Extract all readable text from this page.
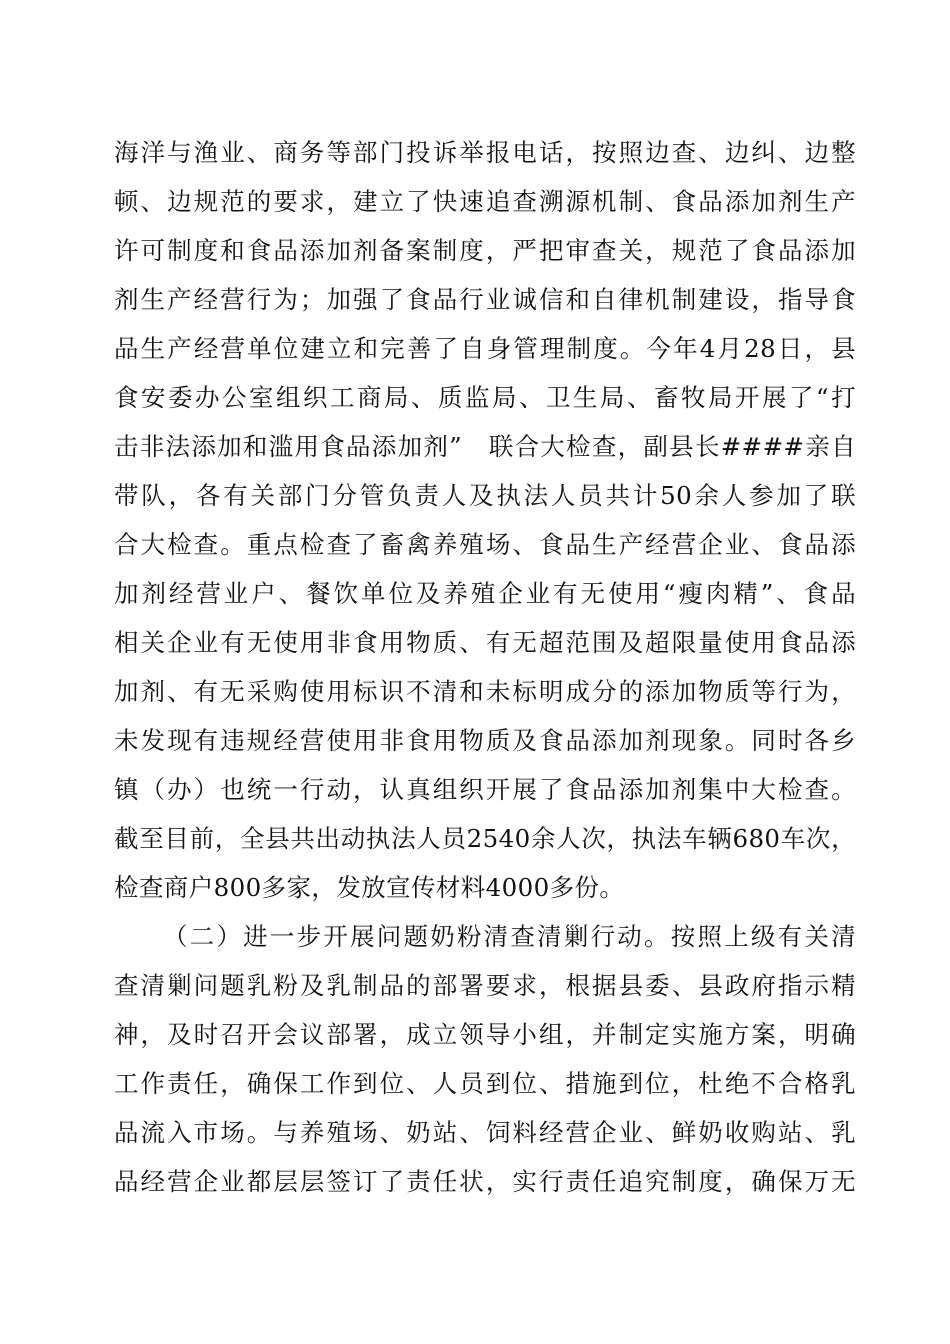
海洋与渔业、商务等部门投诉举报电话，按照边查、边纠、边整
顿、边规范的要求，建立了快速追查溯源机制、食品添加剂生产
许可制度和食品添加剂备案制度，严把审查关，规范了食品添加
剂生产经营行为；加强了食品行业诚信和自律机制建设，指导食
品生产经营单位建立和完善了自身管理制度。今年4月28日，县
食安委办公室组织工商局、质监局、卫生局、畜牧局开展了“打
击非法添加和滥用食品添加剂”　联合大检查，副县长####亲自
带队，各有关部门分管负责人及执法人员共计50余人参加了联
合大检查。重点检查了畜禽养殖场、食品生产经营企业、食品添
加剂经营业户、餐饮单位及养殖企业有无使用“瘦肉精”、食品
相关企业有无使用非食用物质、有无超范围及超限量使用食品添
加剂、有无采购使用标识不清和未标明成分的添加物质等行为，
未发现有违规经营使用非食用物质及食品添加剂现象。同时各乡
镇（办）也统一行动，认真组织开展了食品添加剂集中大检查。
截至目前，全县共出动执法人员2540余人次，执法车辆680车次，
检查商户800多家，发放宣传材料4000多份。
（二）进一步开展问题奶粉清查清剿行动。按照上级有关清
查清剿问题乳粉及乳制品的部署要求，根据县委、县政府指示精
神，及时召开会议部署，成立领导小组，并制定实施方案，明确
工作责任，确保工作到位、人员到位、措施到位，杜绝不合格乳
品流入市场。与养殖场、奶站、饲料经营企业、鲜奶收购站、乳
品经营企业都层层签订了责任状，实行责任追究制度，确保万无
